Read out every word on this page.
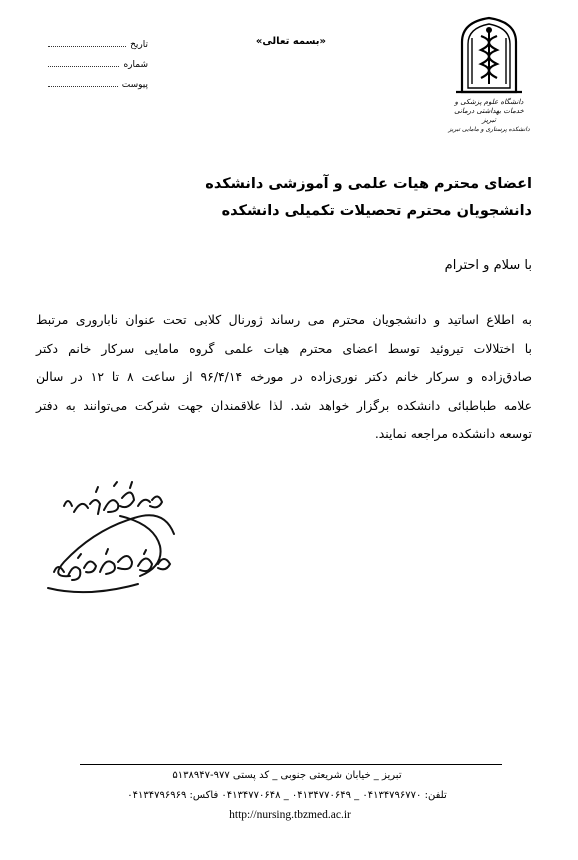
تاریخ
شماره
پیوست
«بسمه تعالی»
دانشگاه علوم پزشکی و خدمات بهداشتی درمانی تبریز
دانشکده پرستاری و مامایی تبریز
اعضای محترم هیات علمی و آموزشی دانشکده
دانشجویان محترم تحصیلات تکمیلی دانشکده
با سلام و احترام
به اطلاع اساتید و دانشجویان محترم می رساند ژورنال کلابی تحت عنوان ناباروری مرتبط
با اختلالات تیروئید توسط اعضای محترم هیات علمی گروه مامایی سرکار خانم دکتر
صادق‌زاده و سرکار خانم دکتر نوری‌زاده در مورخه ۹۶/۴/۱۴ از ساعت ۸ تا ۱۲ در سالن
علامه طباطبائی دانشکده برگزار خواهد شد. لذا علاقمندان جهت شرکت می‌توانند به دفتر
توسعه دانشکده مراجعه نمایند.
تبریز _ خیابان شریعتی جنوبی _ کد پستی ۹۷۷-۵۱۳۸۹۴۷
تلفن: ۰۴۱۳۴۷۹۶۷۷۰ _ ۰۴۱۳۴۷۷۰۶۴۹ _ ۰۴۱۳۴۷۷۰۶۴۸ فاکس: ۰۴۱۳۴۷۹۶۹۶۹
http://nursing.tbzmed.ac.ir
